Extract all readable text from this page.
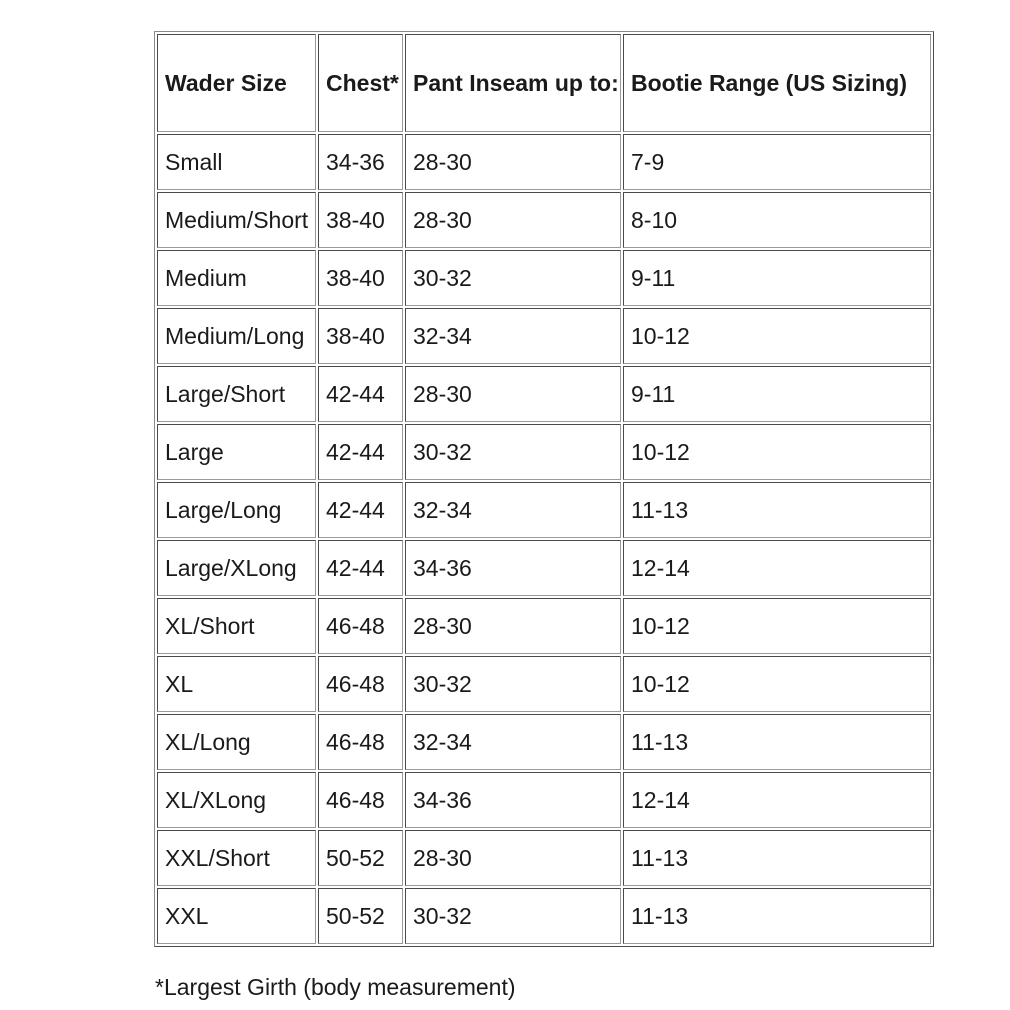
Wader Size	Chest*	Pant Inseam up to:	Bootie Range (US Sizing)
Small	34-36	28-30	7-9
Medium/Short	38-40	28-30	8-10
Medium	38-40	30-32	9-11
Medium/Long	38-40	32-34	10-12
Large/Short	42-44	28-30	9-11
Large	42-44	30-32	10-12
Large/Long	42-44	32-34	11-13
Large/XLong	42-44	34-36	12-14
XL/Short	46-48	28-30	10-12
XL	46-48	30-32	10-12
XL/Long	46-48	32-34	11-13
XL/XLong	46-48	34-36	12-14
XXL/Short	50-52	28-30	11-13
XXL	50-52	30-32	11-13

*Largest Girth (body measurement)
